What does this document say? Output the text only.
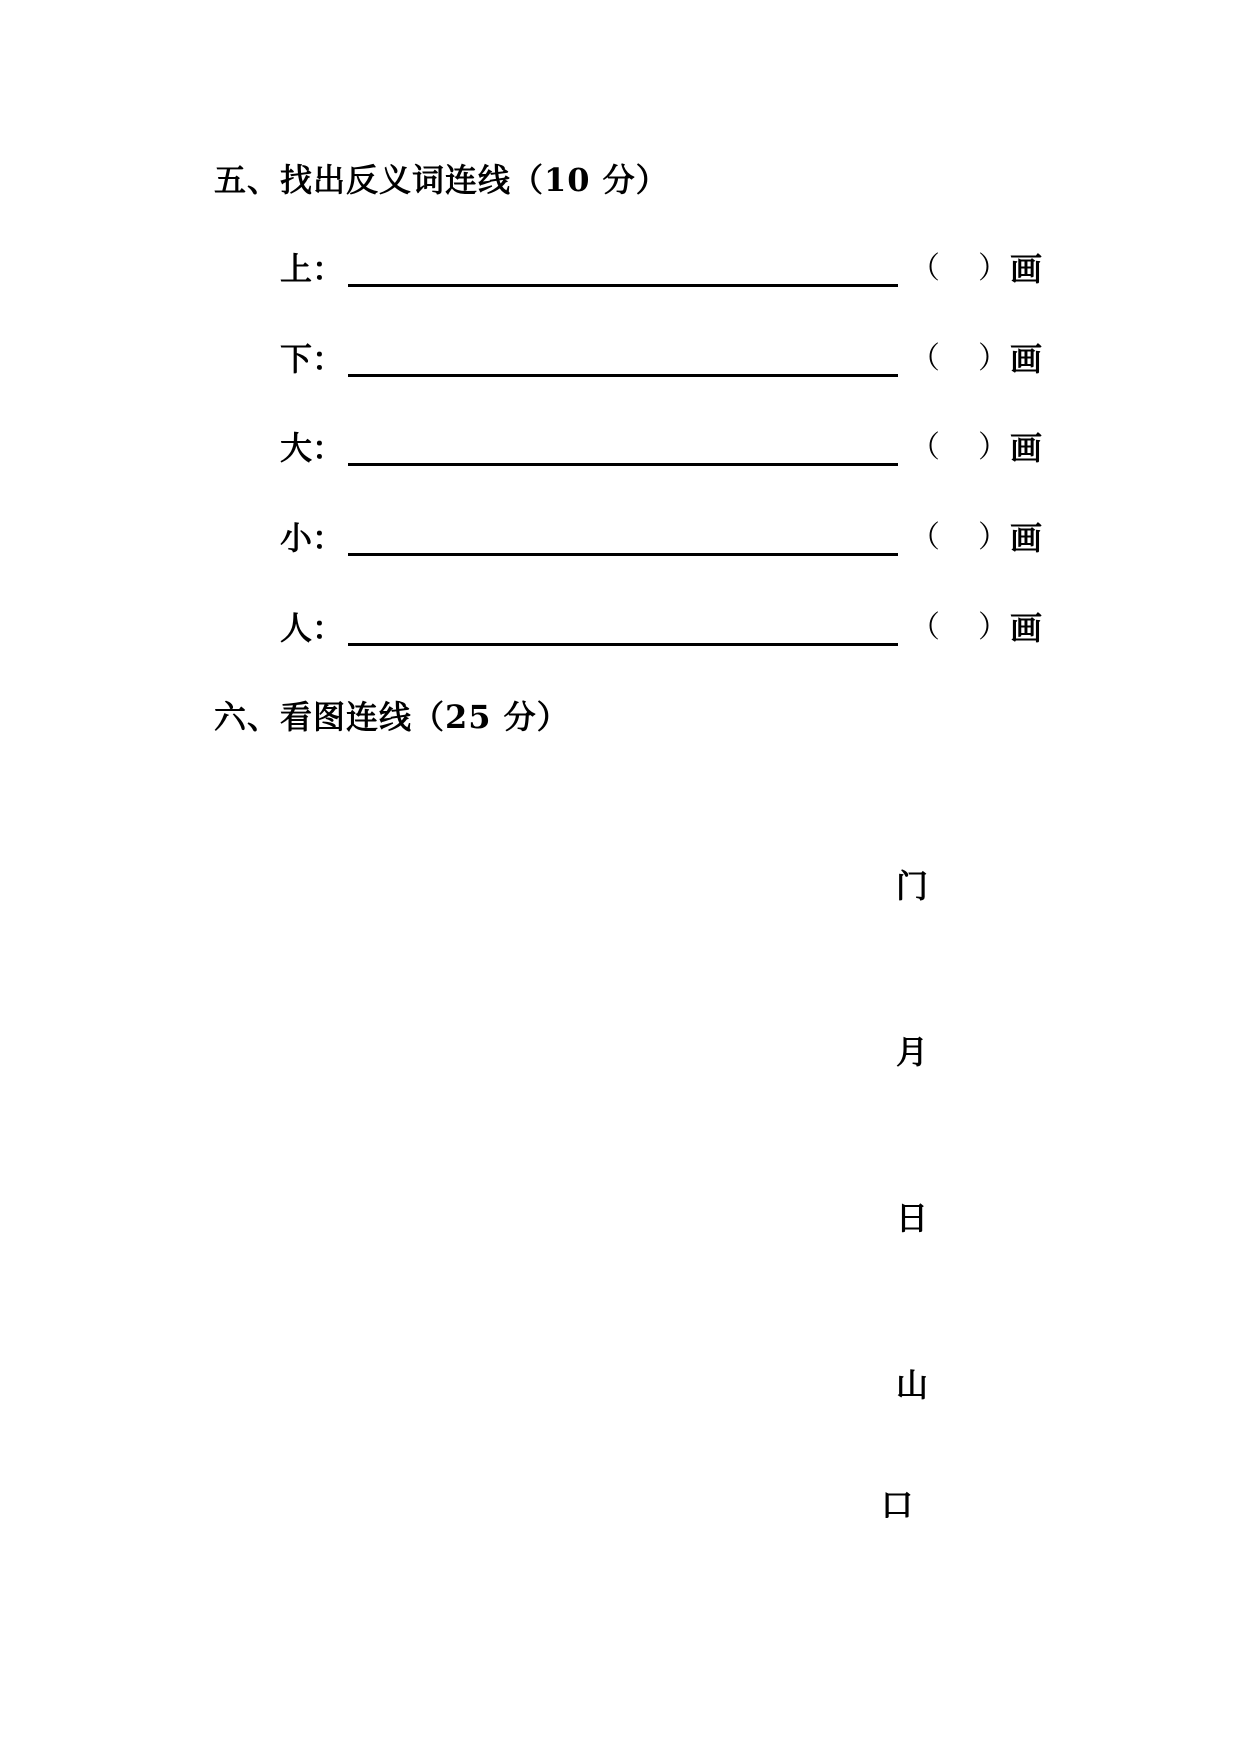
五、找出反义词连线（10 分）
上：	（ ） 画
下：	（ ） 画
大：	（ ） 画
小：	（ ） 画
人：	（ ） 画
六、看图连线（25 分）
门
月
日
山
口
